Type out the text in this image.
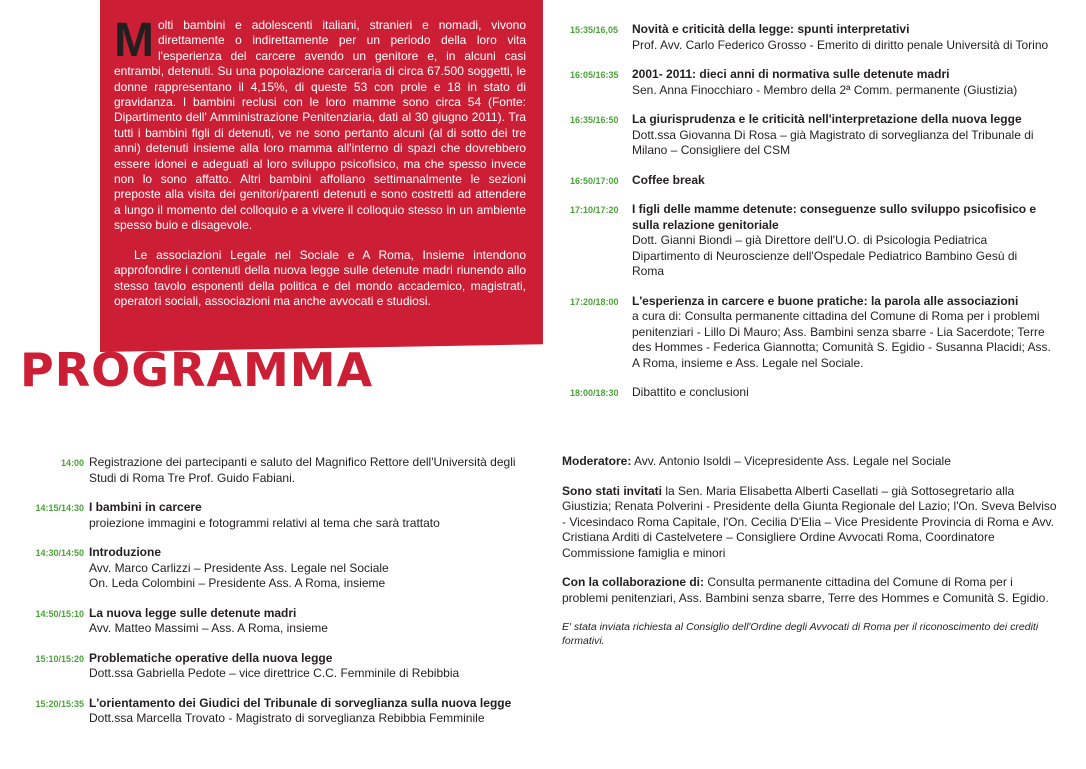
Molti bambini e adolescenti italiani, stranieri e nomadi, vivono direttamente o indirettamente per un periodo della loro vita l'esperienza del carcere avendo un genitore e, in alcuni casi entrambi, detenuti. Su una popolazione carceraria di circa 67.500 soggetti, le donne rappresentano il 4,15%, di queste 53 con prole e 18 in stato di gravidanza. I bambini reclusi con le loro mamme sono circa 54 (Fonte: Dipartimento dell' Amministrazione Penitenziaria, dati al 30 giugno 2011). Tra tutti i bambini figli di detenuti, ve ne sono pertanto alcuni (al di sotto dei tre anni) detenuti insieme alla loro mamma all'interno di spazi che dovrebbero essere idonei e adeguati al loro sviluppo psicofisico, ma che spesso invece non lo sono affatto. Altri bambini affollano settimanalmente le sezioni preposte alla visita dei genitori/parenti detenuti e sono costretti ad attendere a lungo il momento del colloquio e a vivere il colloquio stesso in un ambiente spesso buio e disagevole.

Le associazioni Legale nel Sociale e A Roma, Insieme intendono approfondire i contenuti della nuova legge sulle detenute madri riunendo allo stesso tavolo esponenti della politica e del mondo accademico, magistrati, operatori sociali, associazioni ma anche avvocati e studiosi.

PROGRAMMA
15:35/16,05	Novità e criticità della legge: spunti interpretativi
Prof. Avv. Carlo Federico Grosso - Emerito di diritto penale Università di Torino
16:05/16:35	2001- 2011: dieci anni di normativa sulle detenute madri
Sen. Anna Finocchiaro - Membro della 2ª Comm. permanente (Giustizia)
16:35/16:50	La giurisprudenza e le criticità nell'interpretazione della nuova legge
Dott.ssa Giovanna Di Rosa – già Magistrato di sorveglianza del Tribunale di Milano – Consigliere del CSM
16:50/17:00	Coffee break
17:10/17:20	I figli delle mamme detenute: conseguenze sullo sviluppo psicofisico e sulla relazione genitoriale
Dott. Gianni Biondi – già Direttore dell'U.O. di Psicologia Pediatrica Dipartimento di Neuroscienze dell'Ospedale Pediatrico Bambino Gesù di Roma
17:20/18:00	L'esperienza in carcere e buone pratiche: la parola alle associazioni
a cura di: Consulta permanente cittadina del Comune di Roma per i problemi penitenziari - Lillo Di Mauro; Ass. Bambini senza sbarre - Lia Sacerdote; Terre des Hommes - Federica Giannotta; Comunità S. Egidio - Susanna Placidi; Ass. A Roma, insieme e Ass. Legale nel Sociale.
18:00/18:30	Dibattito e conclusioni
14:00 Registrazione dei partecipanti e saluto del Magnifico Rettore dell'Università degli Studi di Roma Tre Prof. Guido Fabiani.
14:15/14:30 I bambini in carcere
proiezione immagini e fotogrammi relativi al tema che sarà trattato
14:30/14:50 Introduzione
Avv. Marco Carlizzi – Presidente Ass. Legale nel Sociale
On. Leda Colombini – Presidente Ass. A Roma, insieme
14:50/15:10 La nuova legge sulle detenute madri
Avv. Matteo Massimi – Ass. A Roma, insieme
15:10/15:20 Problematiche operative della nuova legge
Dott.ssa Gabriella Pedote – vice direttrice C.C. Femminile di Rebibbia
15:20/15:35 L'orientamento dei Giudici del Tribunale di sorveglianza sulla nuova legge
Dott.ssa Marcella Trovato - Magistrato di sorveglianza Rebibbia Femminile

Moderatore: Avv. Antonio Isoldi – Vicepresidente Ass. Legale nel Sociale

Sono stati invitati la Sen. Maria Elisabetta Alberti Casellati – già Sottosegretario alla Giustizia; Renata Polverini - Presidente della Giunta Regionale del Lazio; l'On. Sveva Belviso - Vicesindaco Roma Capitale, l'On. Cecilia D'Elia – Vice Presidente Provincia di Roma e Avv. Cristiana Arditi di Castelvetere – Consigliere Ordine Avvocati Roma, Coordinatore Commissione famiglia e minori

Con la collaborazione di: Consulta permanente cittadina del Comune di Roma per i problemi penitenziari, Ass. Bambini senza sbarre, Terre des Hommes e Comunità S. Egidio.

E' stata inviata richiesta al Consiglio dell'Ordine degli Avvocati di Roma per il riconoscimento dei crediti formativi.
